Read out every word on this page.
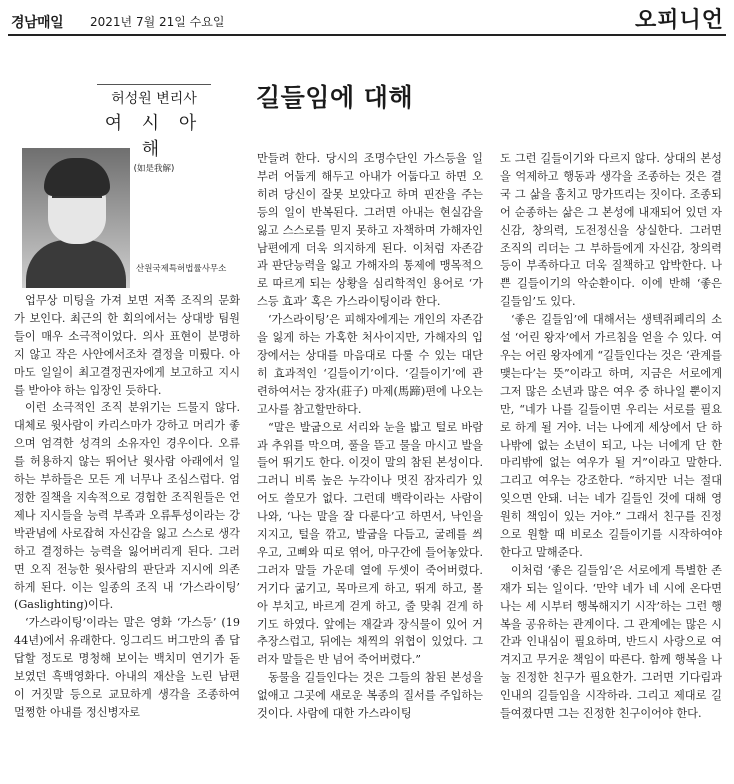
경남매일 2021년 7월 21일 수요일	오피니언
허성원 변리사
여 시 아 해
(如是我解)
산원국제특허법률사무소
길들임에 대해

업무상 미팅을 가져 보면 저쪽 조직의 문화가 보인다. 최근의 한 회의에서는 상대방 팀원들이 매우 소극적이었다. 의사 표현이 분명하지 않고 작은 사안에서조차 결정을 미뤘다. 아마도 일일이 최고결정권자에게 보고하고 지시를 받아야 하는 입장인 듯하다.

이런 소극적인 조직 분위기는 드물지 않다. 대체로 윗사람이 카리스마가 강하고 머리가 좋으며 엄격한 성격의 소유자인 경우이다. 오류를 허용하지 않는 뛰어난 윗사람 아래에서 일하는 부하들은 모든 게 너무나 조심스럽다. 엄정한 질책을 지속적으로 경험한 조직원들은 언제나 지시들을 능력 부족과 오류투성이라는 강박관념에 사로잡혀 자신감을 잃고 스스로 생각하고 결정하는 능력을 잃어버리게 된다. 그러면 오직 전능한 윗사람의 판단과 지시에 의존하게 된다. 이는 일종의 조직 내 ‘가스라이팅’ (Gaslighting)이다.

‘가스라이팅’이라는 말은 영화 ‘가스등’ (1944년)에서 유래한다. 잉그리드 버그만의 좀 답답할 정도로 명청해 보이는 백치미 연기가 돋보였던 흑백영화다. 아내의 재산을 노린 남편이 거짓말 등으로 교묘하게 생각을 조종하여 멀쩡한 아내를 정신병자로

만들려 한다. 당시의 조명수단인 가스등을 일부러 어둡게 해두고 아내가 어둡다고 하면 오히려 당신이 잘못 보았다고 하며 핀잔을 주는 등의 일이 반복된다. 그러면 아내는 현실감을 잃고 스스로를 믿지 못하고 자책하며 가해자인 남편에게 더욱 의지하게 된다. 이처럼 자존감과 판단능력을 잃고 가해자의 통제에 맹목적으로 따르게 되는 상황을 심리학적인 용어로 ‘가스등 효과’ 혹은 가스라이팅이라 한다.

‘가스라이팅’은 피해자에게는 개인의 자존감을 잃게 하는 가혹한 처사이지만, 가해자의 입장에서는 상대를 마음대로 다룰 수 있는 대단히 효과적인 ‘길들이기’이다. ‘길들이기’에 관련하여서는 장자(莊子) 마제(馬蹄)편에 나오는 고사를 참고할만하다.

“말은 발굽으로 서리와 눈을 밟고 털로 바람과 추위를 막으며, 풀을 뜯고 물을 마시고 발을 들어 뛰기도 한다. 이것이 말의 참된 본성이다. 그러니 비록 높은 누각이나 멋진 잠자리가 있어도 쓸모가 없다. 그런데 백락이라는 사람이 나와, ‘나는 말을 잘 다룬다’고 하면서, 낙인을 지지고, 털을 깎고, 발굽을 다듬고, 굴레를 씌우고, 고삐와 띠로 엮어, 마구간에 들어놓았다. 그러자 말들 가운데 열에 두셋이 죽어버렸다. 거기다 굶기고, 목마르게 하고, 뛰게 하고, 몰아 부치고, 바르게 걷게 하고, 줄 맞춰 걷게 하기도 하였다. 앞에는 재갈과 장식물이 있어 거추장스럽고, 뒤에는 채찍의 위협이 있었다. 그러자 말들은 반 넘어 죽어버렸다.”

동물을 길들인다는 것은 그들의 참된 본성을 없애고 그곳에 새로운 복종의 질서를 주입하는 것이다. 사람에 대한 가스라이팅

도 그런 길들이기와 다르지 않다. 상대의 본성을 억제하고 행동과 생각을 조종하는 것은 결국 그 삶을 훔치고 망가뜨리는 짓이다. 조종되어 순종하는 삶은 그 본성에 내재되어 있던 자신감, 창의력, 도전정신을 상실한다. 그러면 조직의 리더는 그 부하들에게 자신감, 창의력 등이 부족하다고 더욱 질책하고 압박한다. 나쁜 길들이기의 악순환이다. 이에 반해 ‘좋은 길들임’도 있다.

‘좋은 길들임’에 대해서는 생텍쥐페리의 소설 ‘어린 왕자’에서 가르침을 얻을 수 있다. 여우는 어린 왕자에게 “길들인다는 것은 ‘관계를 맺는다’는 뜻”이라고 하며, 지금은 서로에게 그저 많은 소년과 많은 여우 중 하나일 뿐이지만, “네가 나를 길들이면 우리는 서로를 필요로 하게 될 거야. 너는 나에게 세상에서 단 하나밖에 없는 소년이 되고, 나는 너에게 단 한 마리밖에 없는 여우가 될 거”이라고 말한다. 그리고 여우는 강조한다. “하지만 너는 절대 잊으면 안돼. 너는 네가 길들인 것에 대해 영원히 책임이 있는 거야.” 그래서 친구를 진정으로 원할 때 비로소 길들이기를 시작하여야 한다고 말해준다.

이처럼 ‘좋은 길들임’은 서로에게 특별한 존재가 되는 일이다. ‘만약 네가 네 시에 온다면 나는 세 시부터 행복해지기 시작’하는 그런 행복을 공유하는 관계이다. 그 관계에는 많은 시간과 인내심이 필요하며, 반드시 사랑으로 여겨지고 무거운 책임이 따른다. 함께 행복을 나눌 진정한 친구가 필요한가. 그러면 기다림과 인내의 길들임을 시작하라. 그리고 제대로 길들여졌다면 그는 진정한 친구이어야 한다.
